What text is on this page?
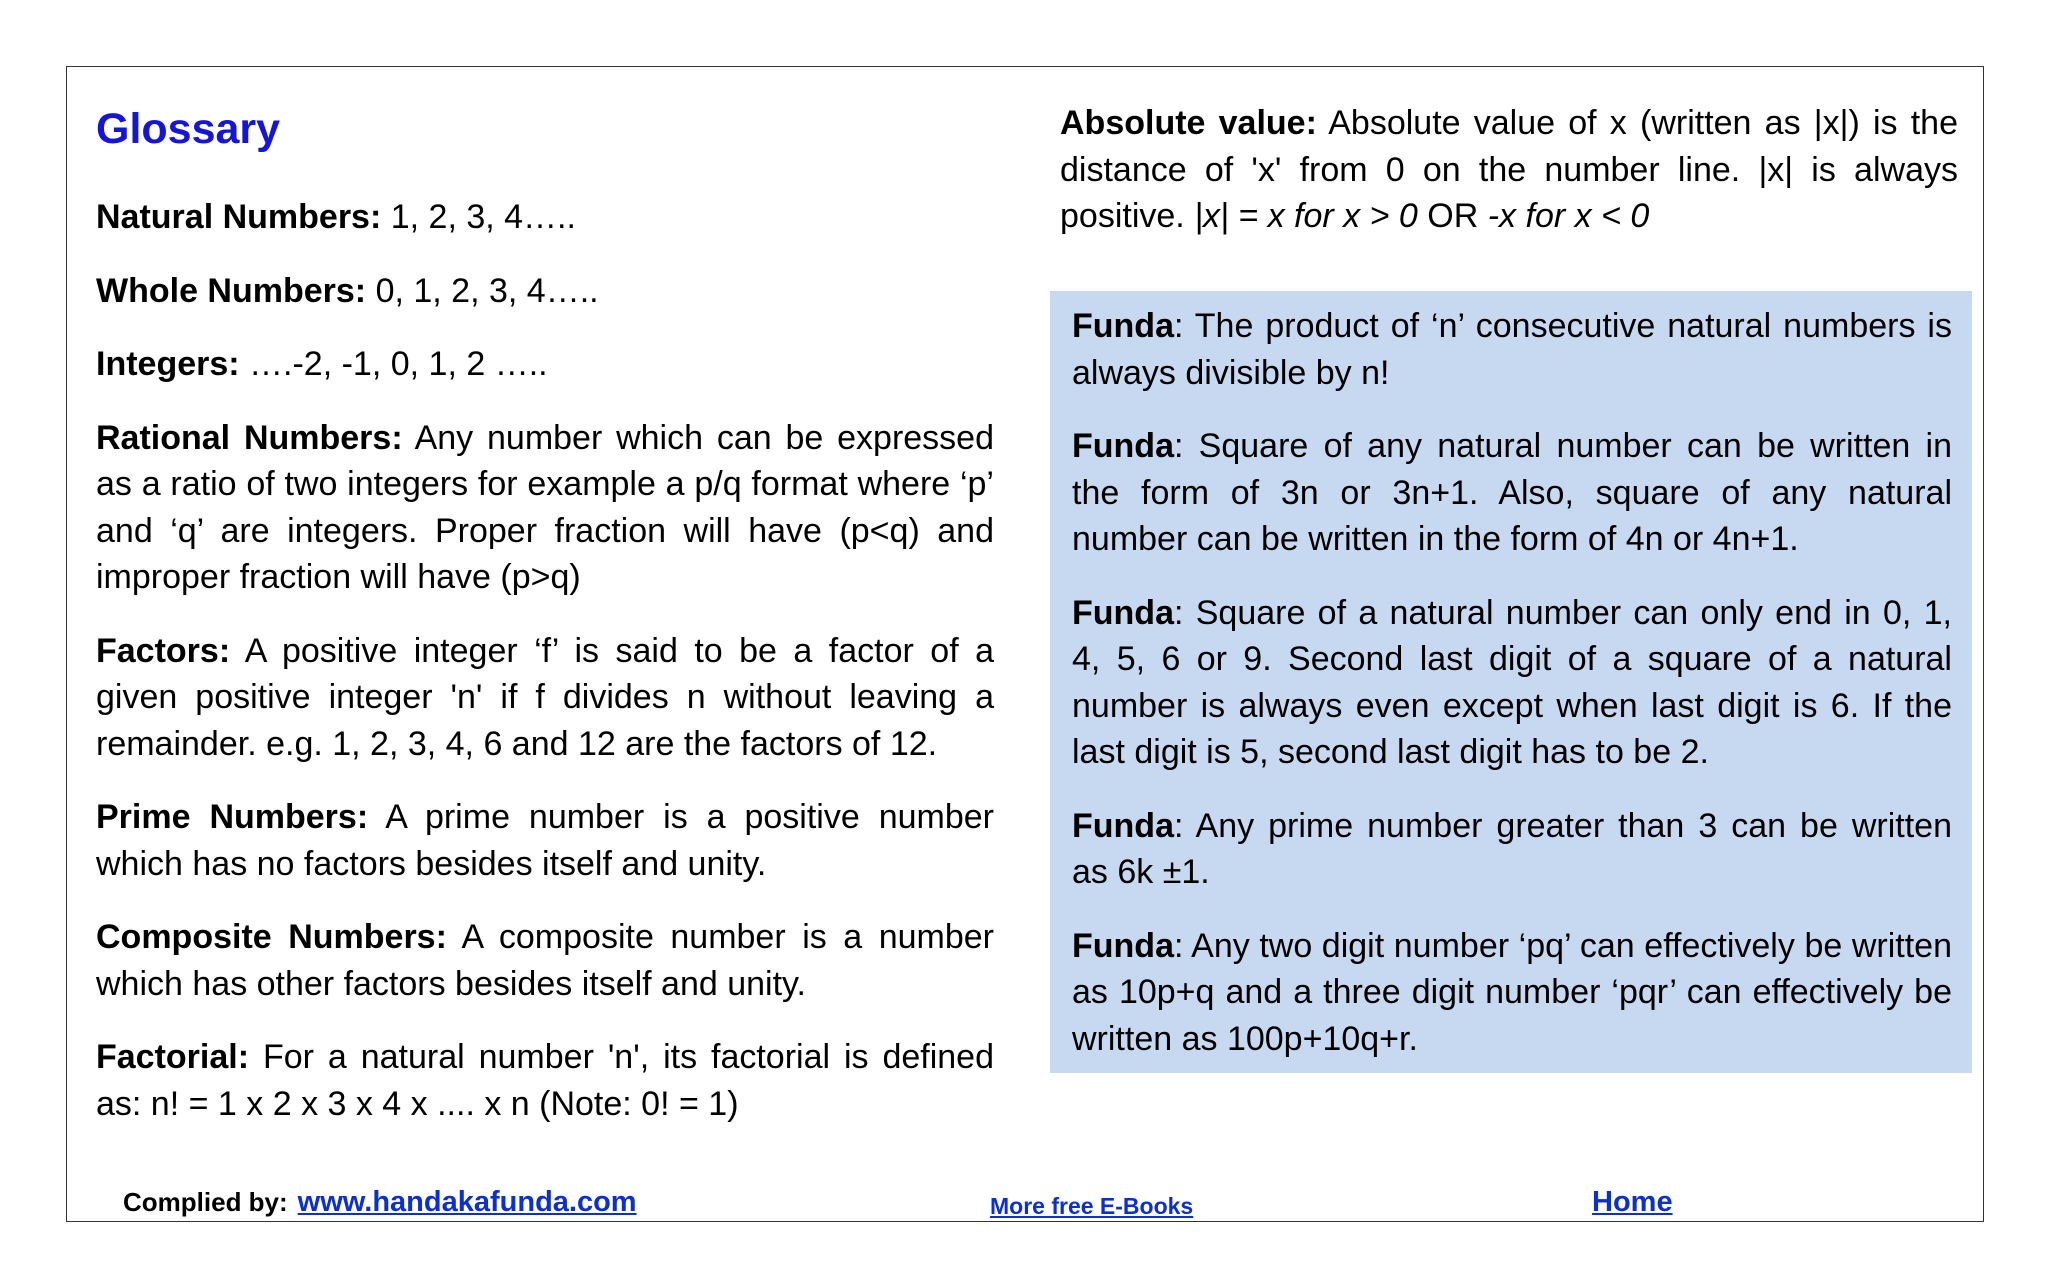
Glossary

Natural Numbers: 1, 2, 3, 4…..

Whole Numbers: 0, 1, 2, 3, 4…..

Integers: ….-2, -1, 0, 1, 2 …..

Rational Numbers: Any number which can be expressed as a ratio of two integers for example a p/q format where ‘p’ and ‘q’ are integers. Proper fraction will have (p<q) and improper fraction will have (p>q)

Factors: A positive integer ‘f’ is said to be a factor of a given positive integer 'n' if f divides n without leaving a remainder. e.g. 1, 2, 3, 4, 6 and 12 are the factors of 12.

Prime Numbers: A prime number is a positive number which has no factors besides itself and unity.

Composite Numbers: A composite number is a number which has other factors besides itself and unity.

Factorial: For a natural number 'n', its factorial is defined as: n! = 1 x 2 x 3 x 4 x .... x n (Note: 0! = 1)

Absolute value: Absolute value of x (written as |x|) is the distance of 'x' from 0 on the number line. |x| is always positive. |x| = x for x > 0 OR -x for x < 0

Funda: The product of ‘n’ consecutive natural numbers is always divisible by n!

Funda: Square of any natural number can be written in the form of 3n or 3n+1. Also, square of any natural number can be written in the form of 4n or 4n+1.

Funda: Square of a natural number can only end in 0, 1, 4, 5, 6 or 9. Second last digit of a square of a natural number is always even except when last digit is 6. If the last digit is 5, second last digit has to be 2.

Funda: Any prime number greater than 3 can be written as 6k ±1.

Funda: Any two digit number ‘pq’ can effectively be written as 10p+q and a three digit number ‘pqr’ can effectively be written as 100p+10q+r.

Complied by: www.handakafunda.com	More free E-Books	Home
